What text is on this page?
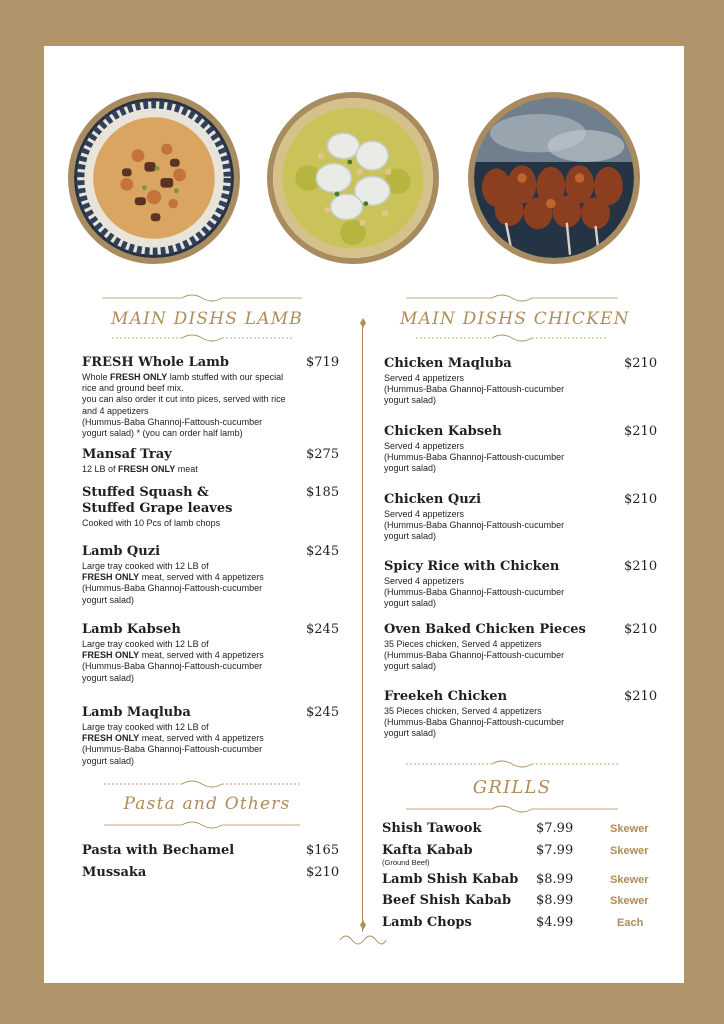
MAIN DISHS LAMB	MAIN DISHS CHICKEN
FRESH Whole Lamb
Whole FRESH ONLY lamb stuffed with our special
rice and ground beef mix.
you can also order it cut into pices, served with rice
and 4 appetizers
(Hummus-Baba Ghannoj-Fattoush-cucumber
yogurt salad) * (you can order half lamb)
$719
Mansaf Tray
12 LB of FRESH ONLY meat
$275
Stuffed Squash &
Stuffed Grape leaves
Cooked with 10 Pcs of lamb chops
$185
Lamb Quzi
Large tray cooked with 12 LB of
FRESH ONLY meat, served with 4 appetizers
(Hummus-Baba Ghannoj-Fattoush-cucumber
yogurt salad)
$245
Lamb Kabseh
Large tray cooked with 12 LB of
FRESH ONLY meat, served with 4 appetizers
(Hummus-Baba Ghannoj-Fattoush-cucumber
yogurt salad)
$245
Lamb Maqluba
Large tray cooked with 12 LB of
FRESH ONLY meat, served with 4 appetizers
(Hummus-Baba Ghannoj-Fattoush-cucumber
yogurt salad)
$245
Pasta and Others
Pasta with Bechamel	$165
Mussaka	$210
Chicken Maqluba
Served 4 appetizers
(Hummus-Baba Ghannoj-Fattoush-cucumber
yogurt salad)
$210
Chicken Kabseh
Served 4 appetizers
(Hummus-Baba Ghannoj-Fattoush-cucumber
yogurt salad)
$210
Chicken Quzi
Served 4 appetizers
(Hummus-Baba Ghannoj-Fattoush-cucumber
yogurt salad)
$210
Spicy Rice with Chicken
Served 4 appetizers
(Hummus-Baba Ghannoj-Fattoush-cucumber
yogurt salad)
$210
Oven Baked Chicken Pieces
35 Pieces chicken, Served 4 appetizers
(Hummus-Baba Ghannoj-Fattoush-cucumber
yogurt salad)
$210
Freekeh Chicken
35 Pieces chicken, Served 4 appetizers
(Hummus-Baba Ghannoj-Fattoush-cucumber
yogurt salad)
$210
GRILLS
Shish Tawook	$7.99	Skewer
Kafta Kabab
(Ground Beef)
$7.99	Skewer
Lamb Shish Kabab $8.99	Skewer
Beef Shish Kabab $8.99	Skewer
Lamb Chops	$4.99	Each
